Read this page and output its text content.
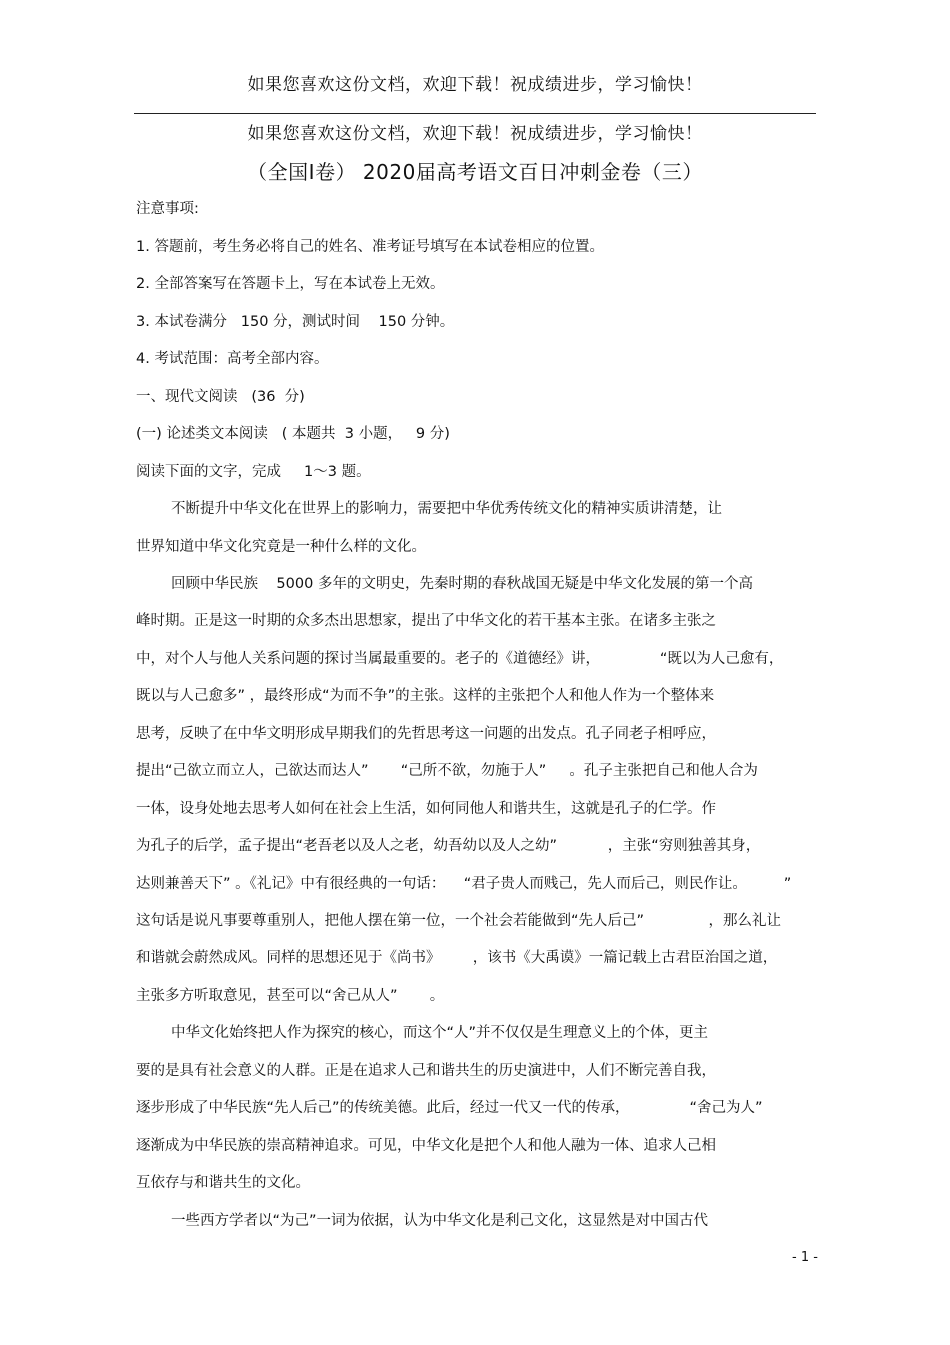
如果您喜欢这份文档，欢迎下载！祝成绩进步，学习愉快！
如果您喜欢这份文档，欢迎下载！祝成绩进步，学习愉快！
（全国Ⅰ卷） 2020届高考语文百日冲刺金卷（三）
注意事项:
1. 答题前，考生务必将自己的姓名、准考证号填写在本试卷相应的位置。
2. 全部答案写在答题卡上，写在本试卷上无效。
3. 本试卷满分   150 分，测试时间    150 分钟。
4. 考试范围：高考全部内容。
一、现代文阅读   (36  分)
(一) 论述类文本阅读   ( 本题共  3 小题，   9 分)
阅读下面的文字，完成     1～3 题。
不断提升中华文化在世界上的影响力，需要把中华优秀传统文化的精神实质讲清楚，让
世界知道中华文化究竟是一种什么样的文化。
回顾中华民族    5000 多年的文明史，先秦时期的春秋战国无疑是中华文化发展的第一个高
峰时期。正是这一时期的众多杰出思想家，提出了中华文化的若干基本主张。在诸多主张之
中，对个人与他人关系问题的探讨当属最重要的。老子的《道德经》讲，             “既以为人己愈有，
既以与人己愈多” ，最终形成“为而不争”的主张。这样的主张把个人和他人作为一个整体来
思考，反映了在中华文明形成早期我们的先哲思考这一问题的出发点。孔子同老子相呼应，
提出“己欲立而立人，己欲达而达人”       “己所不欲，勿施于人”     。孔子主张把自己和他人合为
一体，设身处地去思考人如何在社会上生活，如何同他人和谐共生，这就是孔子的仁学。作
为孔子的后学，孟子提出“老吾老以及人之老，幼吾幼以及人之幼”           ，主张“穷则独善其身，
达则兼善天下” 。《礼记》中有很经典的一句话：    “君子贵人而贱己，先人而后己，则民作让。        ”
这句话是说凡事要尊重别人，把他人摆在第一位，一个社会若能做到“先人后己”              ，那么礼让
和谐就会蔚然成风。同样的思想还见于《尚书》       ，该书《大禹谟》一篇记载上古君臣治国之道，
主张多方听取意见，甚至可以“舍己从人”       。
中华文化始终把人作为探究的核心，而这个“人”并不仅仅是生理意义上的个体，更主
要的是具有社会意义的人群。正是在追求人己和谐共生的历史演进中，人们不断完善自我，
逐步形成了中华民族“先人后己”的传统美德。此后，经过一代又一代的传承，             “舍己为人”
逐渐成为中华民族的崇高精神追求。可见，中华文化是把个人和他人融为一体、追求人己相
互依存与和谐共生的文化。
一些西方学者以“为己”一词为依据，认为中华文化是利己文化，这显然是对中国古代
- 1 -
